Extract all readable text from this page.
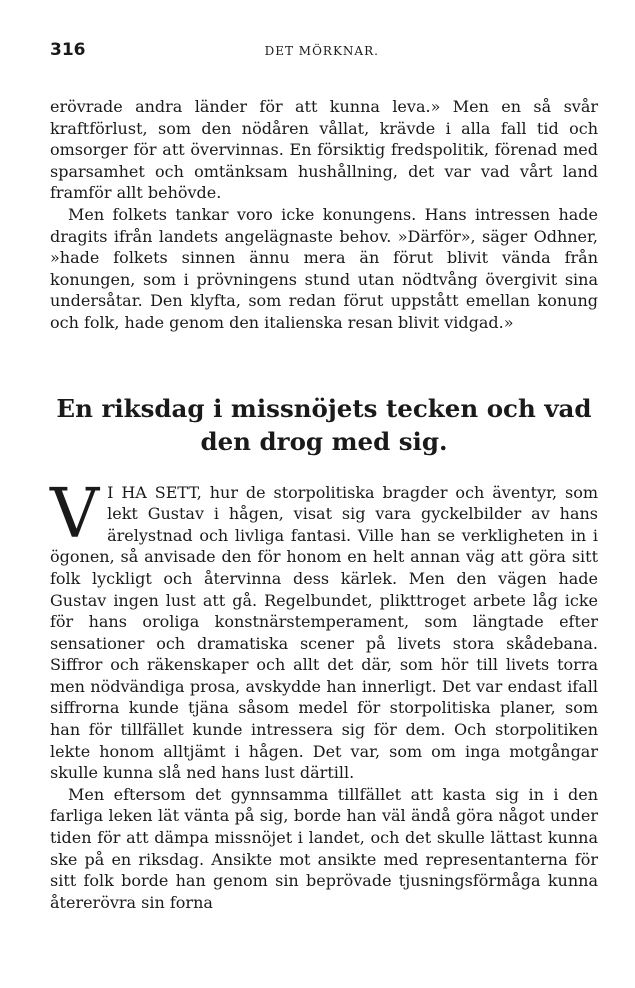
316	DET MÖRKNAR.

erövrade andra länder för att kunna leva.» Men en så svår kraftförlust, som den nödåren vållat, krävde i alla fall tid och omsorger för att övervinnas. En försiktig fredspolitik, förenad med sparsamhet och omtänksam hushållning, det var vad vårt land framför allt behövde.

Men folkets tankar voro icke konungens. Hans intressen hade dragits ifrån landets angelägnaste behov. »Därför», säger Odhner, »hade folkets sinnen ännu mera än förut blivit vända från konungen, som i prövningens stund utan nödtvång övergivit sina undersåtar. Den klyfta, som redan förut uppstått emellan konung och folk, hade genom den italienska resan blivit vidgad.»

En riksdag i missnöjets tecken och vad
den drog med sig.

V I HA SETT, hur de storpolitiska bragder och äventyr, som lekt Gustav i hågen, visat sig vara gyckelbilder av hans ärelystnad och livliga fantasi. Ville han se verkligheten in i ögonen, så anvisade den för honom en helt annan väg att göra sitt folk lyckligt och återvinna dess kärlek. Men den vägen hade Gustav ingen lust att gå. Regelbundet, plikttroget arbete låg icke för hans oroliga konstnärstemperament, som längtade efter sensationer och dramatiska scener på livets stora skådebana. Siffror och räkenskaper och allt det där, som hör till livets torra men nödvändiga prosa, avskydde han innerligt. Det var endast ifall siffrorna kunde tjäna såsom medel för storpolitiska planer, som han för tillfället kunde intressera sig för dem. Och storpolitiken lekte honom alltjämt i hågen. Det var, som om inga motgångar skulle kunna slå ned hans lust därtill.

Men eftersom det gynnsamma tillfället att kasta sig in i den farliga leken lät vänta på sig, borde han väl ändå göra något under tiden för att dämpa missnöjet i landet, och det skulle lättast kunna ske på en riksdag. Ansikte mot ansikte med representanterna för sitt folk borde han genom sin beprövade tjusningsförmåga kunna återerövra sin forna
